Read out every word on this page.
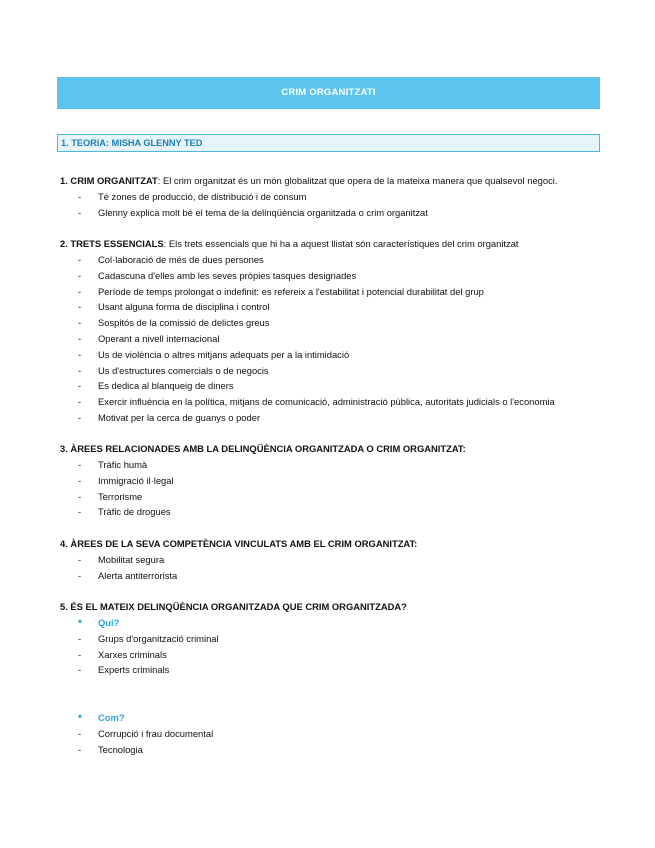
CRIM ORGANITZATI
1. TEORIA: MISHA GLENNY TED
1. CRIM ORGANITZAT: El crim organitzat és un món globalitzat que opera de la mateixa manera que qualsevol negoci.
-	Té zones de producció, de distribució i de consum
-	Glenny explica molt bé el tema de la delinqüència organitzada o crim organitzat
2. TRETS ESSENCIALS: Els trets essencials que hi ha a aquest llistat són característiques del crim organitzat
-	Col·laboració de més de dues persones
-	Cadascuna d'elles amb les seves pròpies tasques designades
-	Període de temps prolongat o indefinit: es refereix a l'estabilitat i potencial durabilitat del grup
-	Usant alguna forma de disciplina i control
-	Sospitós de la comissió de delictes greus
-	Operant a nivell internacional
-	Us de violència o altres mitjans adequats per a la intimidació
-	Us d'estructures comercials o de negocis
-	Es dedica al blanqueig de diners
-	Exercir influència en la política, mitjans de comunicació, administració pública, autoritats judicials o l'economia
-	Motivat per la cerca de guanys o poder
3. ÀREES RELACIONADES AMB LA DELINQÜÈNCIA ORGANITZADA O CRIM ORGANITZAT:
-	Tràfic humà
-	Immigració il·legal
-	Terrorisme
-	Tràfic de drogues
4. ÀREES DE LA SEVA COMPETÈNCIA VINCULATS AMB EL CRIM ORGANITZAT:
-	Mobilitat segura
-	Alerta antiterrorista
5. ÉS EL MATEIX DELINQÜÈNCIA ORGANITZADA QUE CRIM ORGANITZADA?
•	Qui?
-	Grups d'organització criminal
-	Xarxes criminals
-	Experts criminals
•	Com?
-	Corrupció i frau documental
-	Tecnologia
